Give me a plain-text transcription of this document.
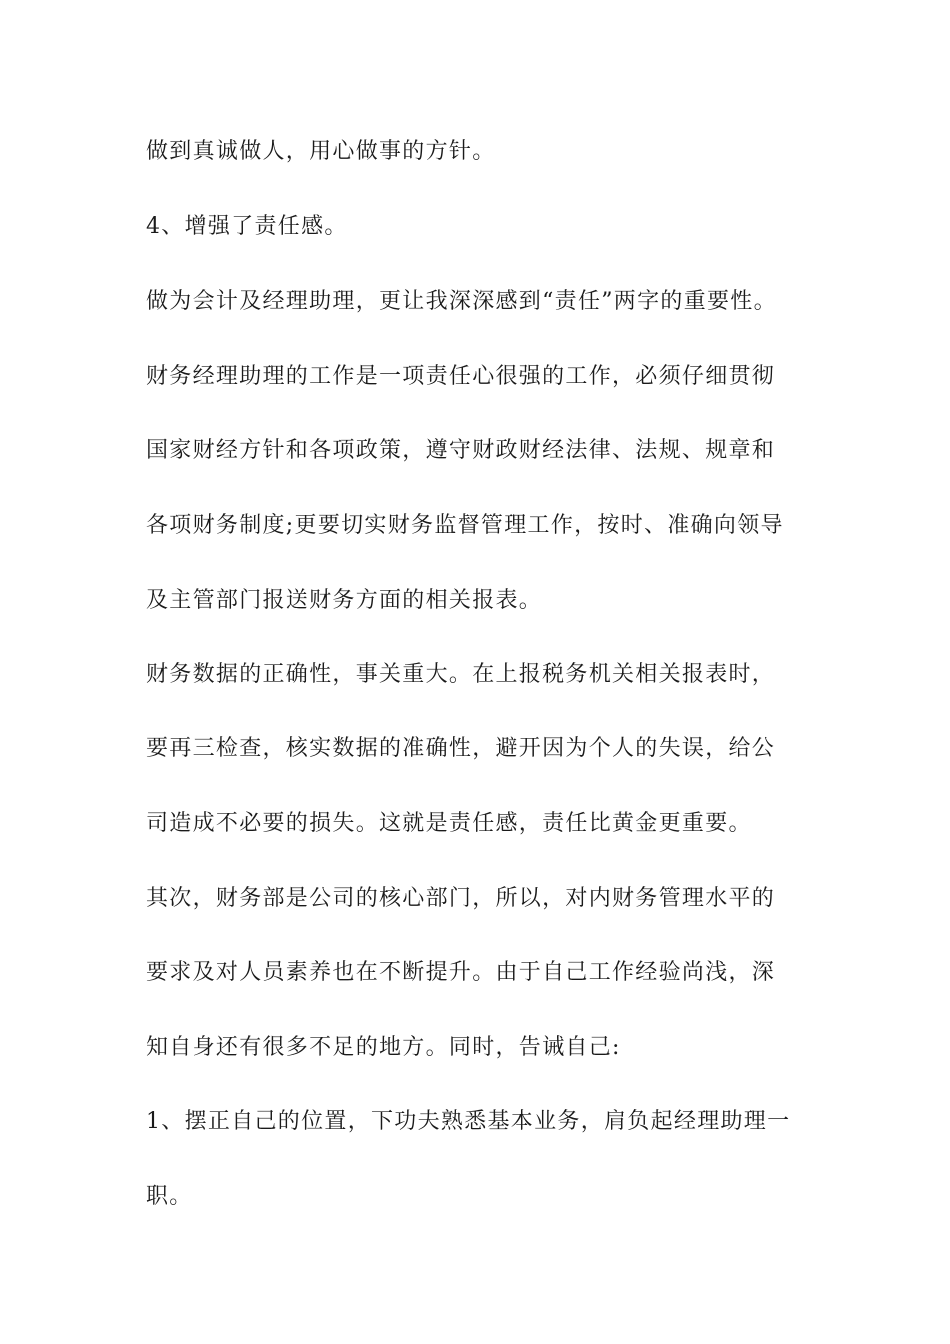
做到真诚做人，用心做事的方针。

4、增强了责任感。

做为会计及经理助理，更让我深深感到“责任”两字的重要性。

财务经理助理的工作是一项责任心很强的工作，必须仔细贯彻

国家财经方针和各项政策，遵守财政财经法律、法规、规章和

各项财务制度;更要切实财务监督管理工作，按时、准确向领导

及主管部门报送财务方面的相关报表。

财务数据的正确性，事关重大。在上报税务机关相关报表时，

要再三检查，核实数据的准确性，避开因为个人的失误，给公

司造成不必要的损失。这就是责任感，责任比黄金更重要。

其次，财务部是公司的核心部门，所以，对内财务管理水平的

要求及对人员素养也在不断提升。由于自己工作经验尚浅，深

知自身还有很多不足的地方。同时，告诫自己:

1、摆正自己的位置，下功夫熟悉基本业务，肩负起经理助理一

职。
